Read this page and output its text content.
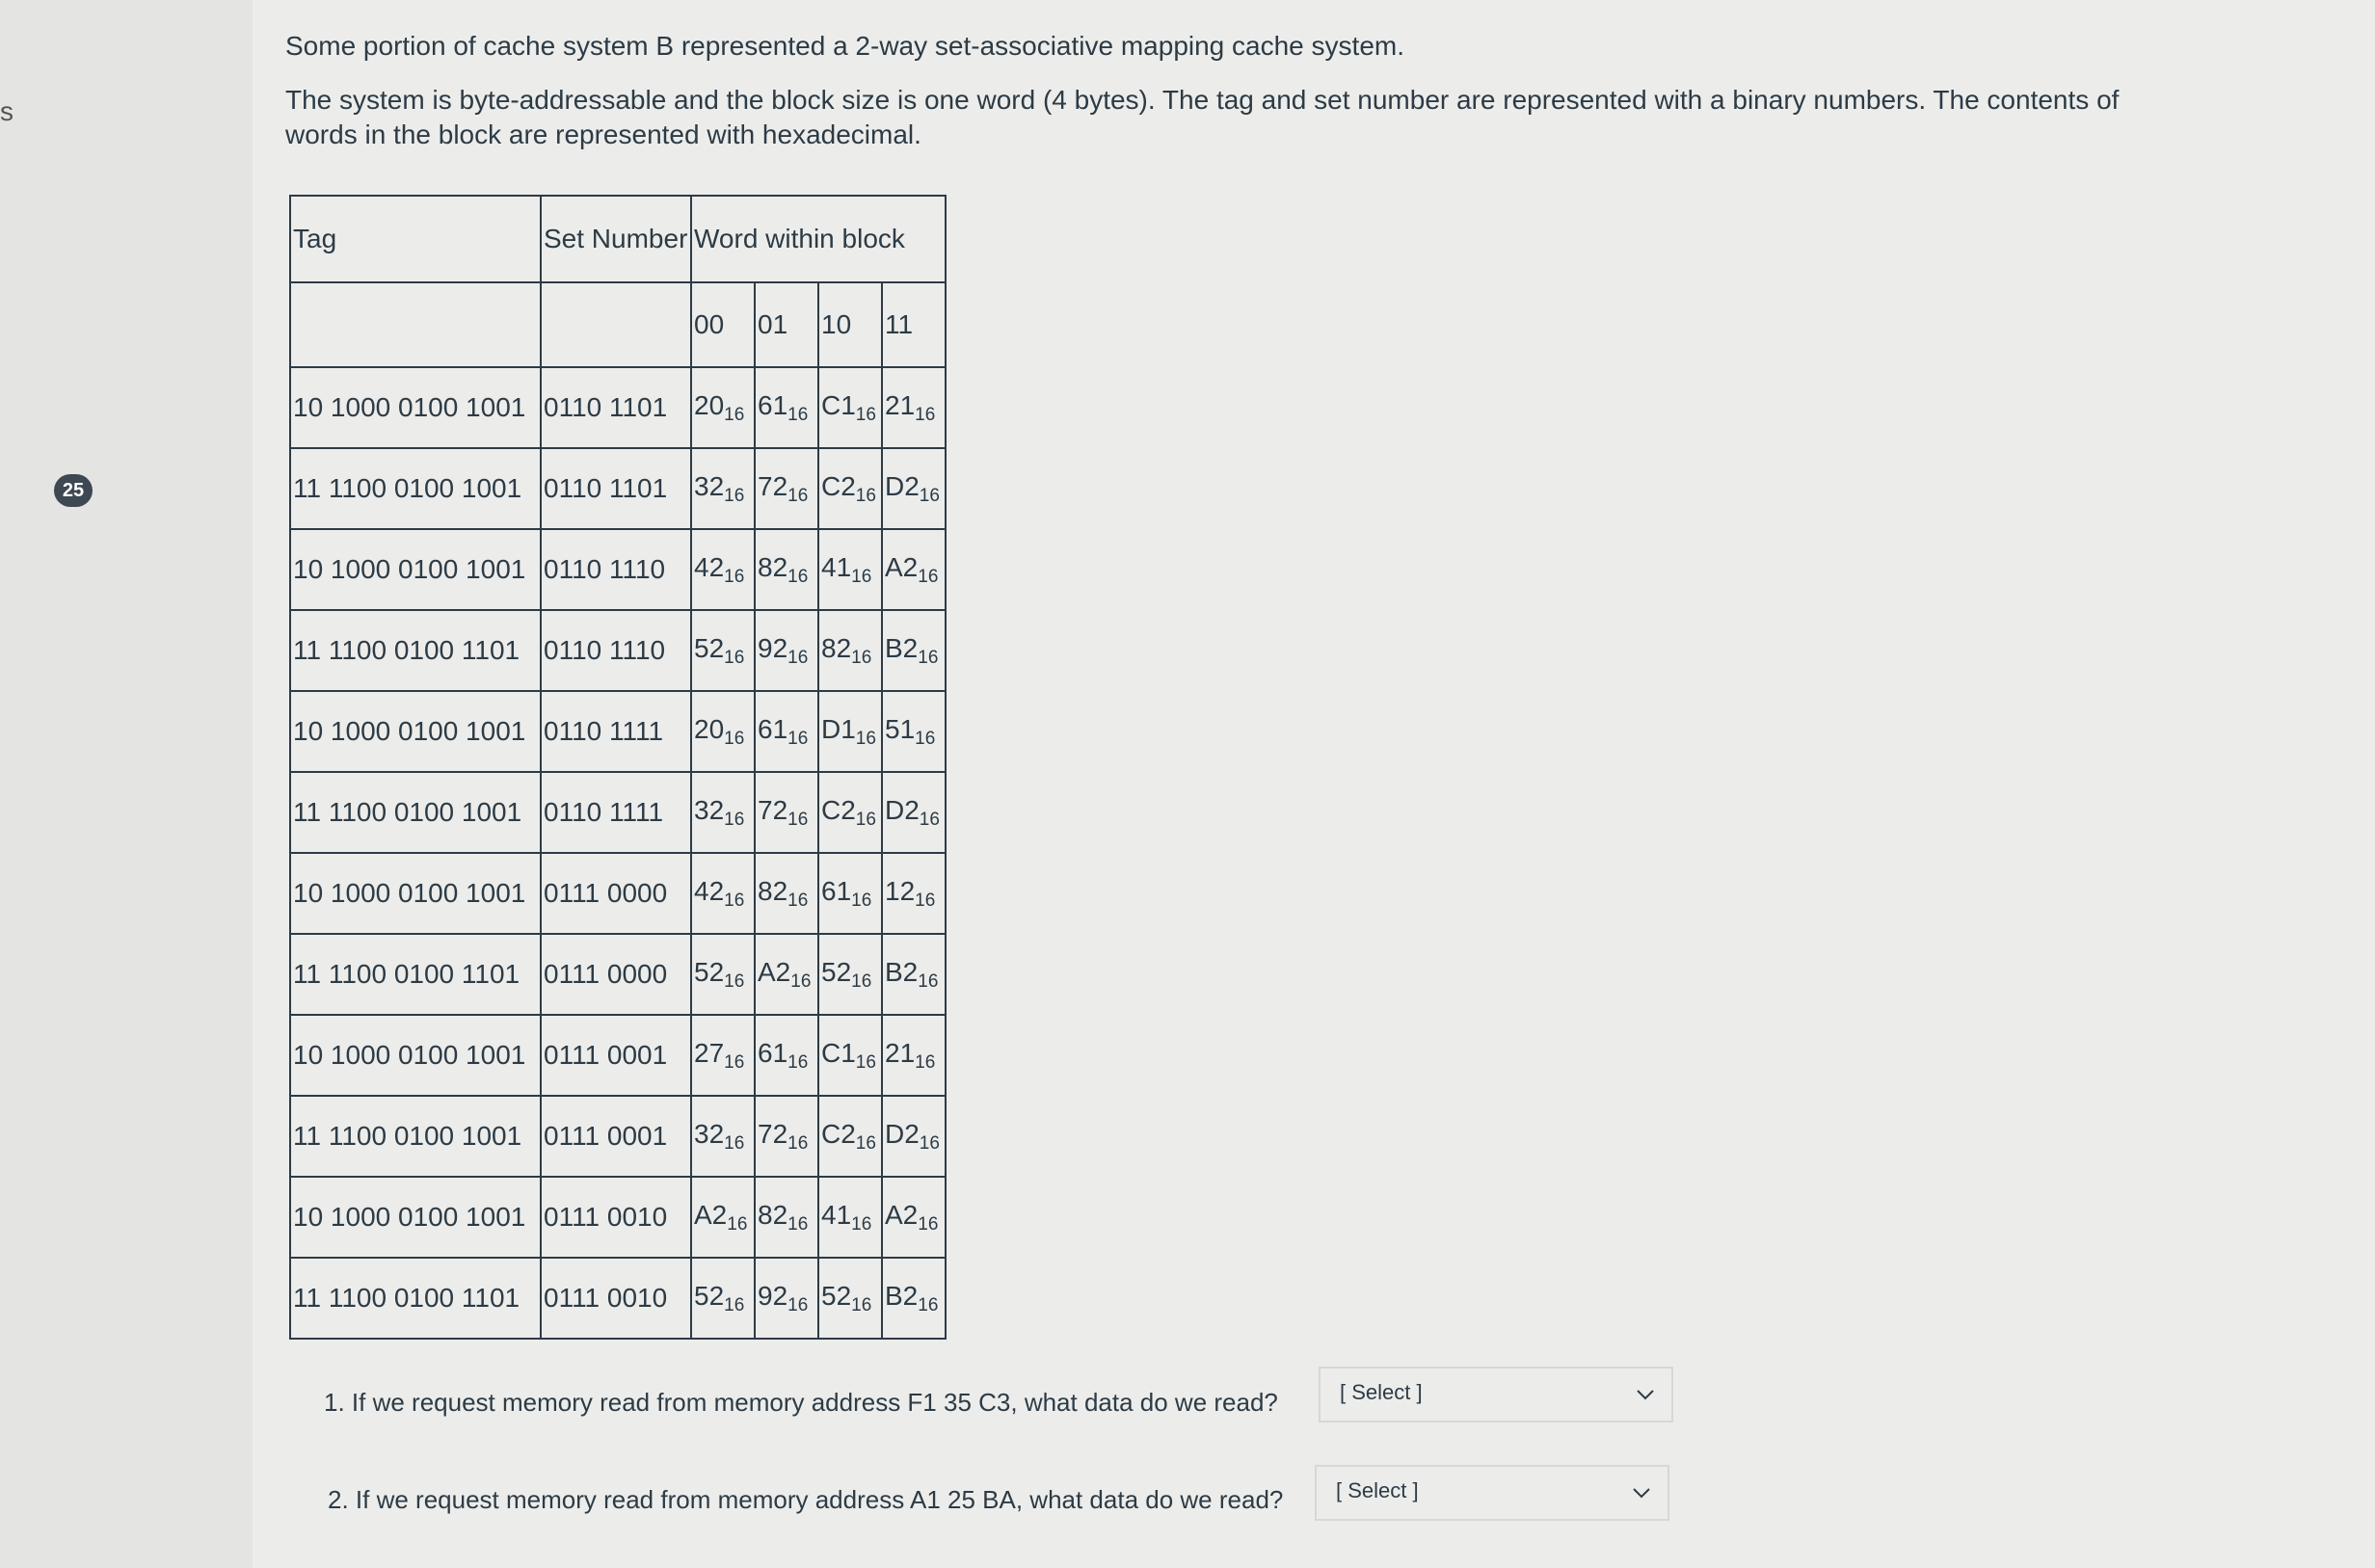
s
25

Some portion of cache system B represented a 2-way set-associative mapping cache system.

The system is byte-addressable and the block size is one word (4 bytes). The tag and set number are represented with a binary numbers. The contents of words in the block are represented with hexadecimal.

Tag	Set Number	Word within block			
		00	01	10	11
10 1000 0100 1001	0110 1101	$20_{16}$	$61_{16}$	$C1_{16}$	$21_{16}$
11 1100 0100 1001	0110 1101	$32_{16}$	$72_{16}$	$C2_{16}$	$D2_{16}$
10 1000 0100 1001	0110 1110	$42_{16}$	$82_{16}$	$41_{16}$	$A2_{16}$
11 1100 0100 1101	0110 1110	$52_{16}$	$92_{16}$	$82_{16}$	$B2_{16}$
10 1000 0100 1001	0110 1111	$20_{16}$	$61_{16}$	$D1_{16}$	$51_{16}$
11 1100 0100 1001	0110 1111	$32_{16}$	$72_{16}$	$C2_{16}$	$D2_{16}$
10 1000 0100 1001	0111 0000	$42_{16}$	$82_{16}$	$61_{16}$	$12_{16}$
11 1100 0100 1101	0111 0000	$52_{16}$	$A2_{16}$	$52_{16}$	$B2_{16}$
10 1000 0100 1001	0111 0001	$27_{16}$	$61_{16}$	$C1_{16}$	$21_{16}$
11 1100 0100 1001	0111 0001	$32_{16}$	$72_{16}$	$C2_{16}$	$D2_{16}$
10 1000 0100 1001	0111 0010	$A2_{16}$	$82_{16}$	$41_{16}$	$A2_{16}$
11 1100 0100 1101	0111 0010	$52_{16}$	$92_{16}$	$52_{16}$	$B2_{16}$
1. If we request memory read from memory address F1 35 C3, what data do we read?	[ Select ]
2. If we request memory read from memory address A1 25 BA, what data do we read? [ Select ]
